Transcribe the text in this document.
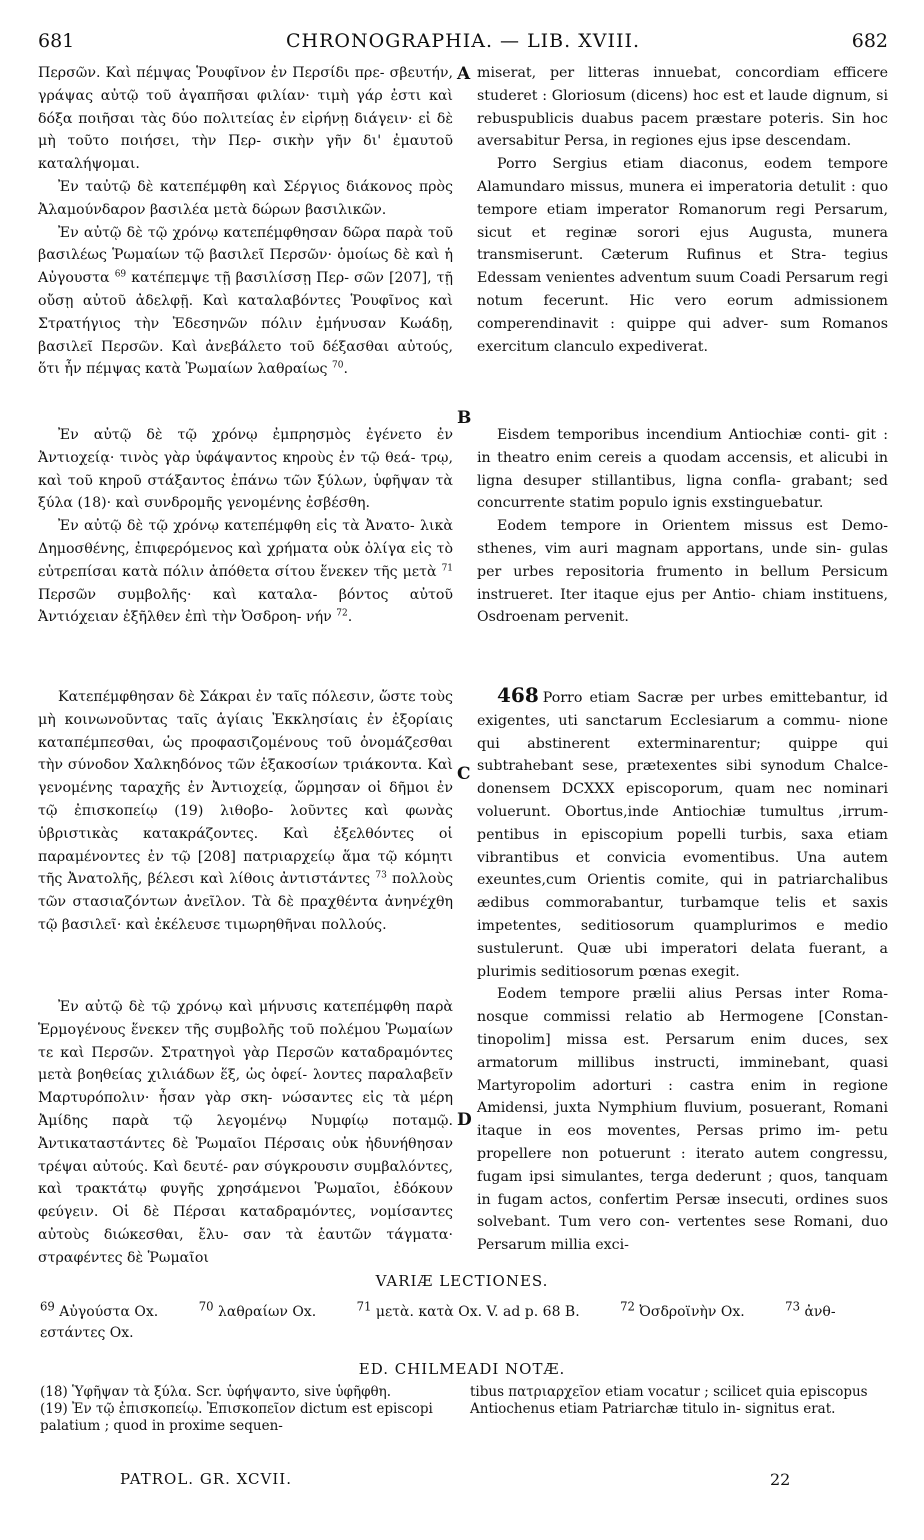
681	CHRONOGRAPHIA. — LIB. XVIII.	682
A
B
C
D

Περσῶν. Καὶ πέμψας Ῥουφῖνον ἐν Περσίδι πρε- σβευτήν, γράψας αὐτῷ τοῦ ἀγαπῆσαι φιλίαν· τιμὴ γάρ ἐστι καὶ δόξα ποιῆσαι τὰς δύο πολιτείας ἐν εἰρήνῃ διάγειν· εἰ δὲ μὴ τοῦτο ποιήσει, τὴν Περ- σικὴν γῆν δι' ἐμαυτοῦ καταλήψομαι.

Ἐν ταὐτῷ δὲ κατεπέμφθη καὶ Σέργιος διάκονος πρὸς Ἀλαμούνδαρον βασιλέα μετὰ δώρων βασιλικῶν.

Ἐν αὐτῷ δὲ τῷ χρόνῳ κατεπέμφθησαν δῶρα παρὰ τοῦ βασιλέως Ῥωμαίων τῷ βασιλεῖ Περσῶν· ὁμοίως δὲ καὶ ἡ Αὐγουστα $^{69}$ κατέπεμψε τῇ βασιλίσσῃ Περ- σῶν [207], τῇ οὔσῃ αὐτοῦ ἀδελφῇ. Καὶ καταλαβόντες Ῥουφῖνος καὶ Στρατήγιος τὴν Ἐδεσηνῶν πόλιν ἐμήνυσαν Κωάδῃ, βασιλεῖ Περσῶν. Καὶ ἀνεβάλετο τοῦ δέξασθαι αὐτούς, ὅτι ἦν πέμψας κατὰ Ῥωμαίων λαθραίως $^{70}$.

Ἐν αὐτῷ δὲ τῷ χρόνῳ ἐμπρησμὸς ἐγένετο ἐν Ἀντιοχείᾳ· τινὸς γὰρ ὑφάψαντος κηροὺς ἐν τῷ θεά- τρῳ, καὶ τοῦ κηροῦ στάξαντος ἐπάνω τῶν ξύλων, ὑφῆψαν τὰ ξύλα (18)· καὶ συνδρομῆς γενομένης ἐσβέσθη.

Ἐν αὐτῷ δὲ τῷ χρόνῳ κατεπέμφθη εἰς τὰ Ἀνατο- λικὰ Δημοσθένης, ἐπιφερόμενος καὶ χρήματα οὐκ ὀλίγα εἰς τὸ εὐτρεπίσαι κατὰ πόλιν ἀπόθετα σίτου ἕνεκεν τῆς μετὰ $^{71}$ Περσῶν συμβολῆς· καὶ καταλα- βόντος αὐτοῦ Ἀντιόχειαν ἐξῆλθεν ἐπὶ τὴν Ὀσδροη- νήν $^{72}$.

Κατεπέμφθησαν δὲ Σάκραι ἐν ταῖς πόλεσιν, ὥστε τοὺς μὴ κοινωνοῦντας ταῖς ἁγίαις Ἐκκλησίαις ἐν ἐξορίαις καταπέμπεσθαι, ὡς προφασιζομένους τοῦ ὀνομάζεσθαι τὴν σύνοδον Χαλκηδόνος τῶν ἑξακοσίων τριάκοντα. Καὶ γενομένης ταραχῆς ἐν Ἀντιοχείᾳ, ὥρμησαν οἱ δῆμοι ἐν τῷ ἐπισκοπείῳ (19) λιθοβο- λοῦντες καὶ φωνὰς ὑβριστικὰς κατακράζοντες. Καὶ ἐξελθόντες οἱ παραμένοντες ἐν τῷ [208] πατριαρχείῳ ἅμα τῷ κόμητι τῆς Ἀνατολῆς, βέλεσι καὶ λίθοις ἀντιστάντες $^{73}$ πολλοὺς τῶν στασιαζόντων ἀνεῖλον. Τὰ δὲ πραχθέντα ἀνηνέχθη τῷ βασιλεῖ· καὶ ἐκέλευσε τιμωρηθῆναι πολλούς.

Ἐν αὐτῷ δὲ τῷ χρόνῳ καὶ μήνυσις κατεπέμφθη παρὰ Ἑρμογένους ἕνεκεν τῆς συμβολῆς τοῦ πολέμου Ῥωμαίων τε καὶ Περσῶν. Στρατηγοὶ γὰρ Περσῶν καταδραμόντες μετὰ βοηθείας χιλιάδων ἕξ, ὡς ὀφεί- λοντες παραλαβεῖν Μαρτυρόπολιν· ἦσαν γὰρ σκη- νώσαντες εἰς τὰ μέρη Ἀμίδης παρὰ τῷ λεγομένῳ Νυμφίῳ ποταμῷ. Ἀντικαταστάντες δὲ Ῥωμαῖοι Πέρσαις οὐκ ἠδυνήθησαν τρέψαι αὐτούς. Καὶ δευτέ- ραν σύγκρουσιν συμβαλόντες, καὶ τρακτάτῳ φυγῆς χρησάμενοι Ῥωμαῖοι, ἐδόκουν φεύγειν. Οἱ δὲ Πέρσαι καταδραμόντες, νομίσαντες αὐτοὺς διώκεσθαι, ἔλυ- σαν τὰ ἑαυτῶν τάγματα· στραφέντες δὲ Ῥωμαῖοι

miserat, per litteras innuebat, concordiam efficere studeret : Gloriosum (dicens) hoc est et laude dignum, si rebuspublicis duabus pacem præstare poteris. Sin hoc aversabitur Persa, in regiones ejus ipse descendam.

Porro Sergius etiam diaconus, eodem tempore Alamundaro missus, munera ei imperatoria detulit : quo tempore etiam imperator Romanorum regi Persarum, sicut et reginæ sorori ejus Augusta, munera transmiserunt. Cæterum Rufinus et Stra- tegius Edessam venientes adventum suum Coadi Persarum regi notum fecerunt. Hic vero eorum admissionem comperendinavit : quippe qui adver- sum Romanos exercitum clanculo expediverat.

Eisdem temporibus incendium Antiochiæ conti- git : in theatro enim cereis a quodam accensis, et alicubi in ligna desuper stillantibus, ligna confla- grabant; sed concurrente statim populo ignis exstinguebatur.

Eodem tempore in Orientem missus est Demo- sthenes, vim auri magnam apportans, unde sin- gulas per urbes repositoria frumento in bellum Persicum instrueret. Iter itaque ejus per Antio- chiam instituens, Osdroenam pervenit.

468 Porro etiam Sacræ per urbes emittebantur, id exigentes, uti sanctarum Ecclesiarum a commu- nione qui abstinerent exterminarentur; quippe qui subtrahebant sese, prætexentes sibi synodum Chalce- donensem DCXXX episcoporum, quam nec nominari voluerunt. Obortus,inde Antiochiæ tumultus ,irrum- pentibus in episcopium popelli turbis, saxa etiam vibrantibus et convicia evomentibus. Una autem exeuntes,cum Orientis comite, qui in patriarchalibus ædibus commorabantur, turbamque telis et saxis impetentes, seditiosorum quamplurimos e medio sustulerunt. Quæ ubi imperatori delata fuerant, a plurimis seditiosorum pœnas exegit.

Eodem tempore prælii alius Persas inter Roma- nosque commissi relatio ab Hermogene [Constan- tinopolim] missa est. Persarum enim duces, sex armatorum millibus instructi, imminebant, quasi Martyropolim adorturi : castra enim in regione Amidensi, juxta Nymphium fluvium, posuerant, Romani itaque in eos moventes, Persas primo im- petu propellere non potuerunt : iterato autem congressu, fugam ipsi simulantes, terga dederunt ; quos, tanquam in fugam actos, confertim Persæ insecuti, ordines suos solvebant. Tum vero con- vertentes sese Romani, duo Persarum millia exci-

VARIÆ LECTIONES.
$^{69}$ Αὐγούστα Ox.	$^{70}$ λαθραίων Ox.	$^{71}$ μετὰ. κατὰ Ox. V. ad p. 68 B.	$^{72}$ Ὀσδροϊνὴν Ox.	$^{73}$ ἀνθ- εστάντες Ox.
ED. CHILMEADI NOTÆ.

(18) Ὑφῆψαν τὰ ξύλα. Scr. ὑφήψαντο, sive ὑφῆφθη.

(19) Ἐν τῷ ἐπισκοπείῳ. Ἐπισκοπεῖον dictum est episcopi palatium ; quod in proxime sequen-

tibus πατριαρχεῖον etiam vocatur ; scilicet quia episcopus Antiochenus etiam Patriarchæ titulo in- signitus erat.

PATROL. GR. XCVII.	22
